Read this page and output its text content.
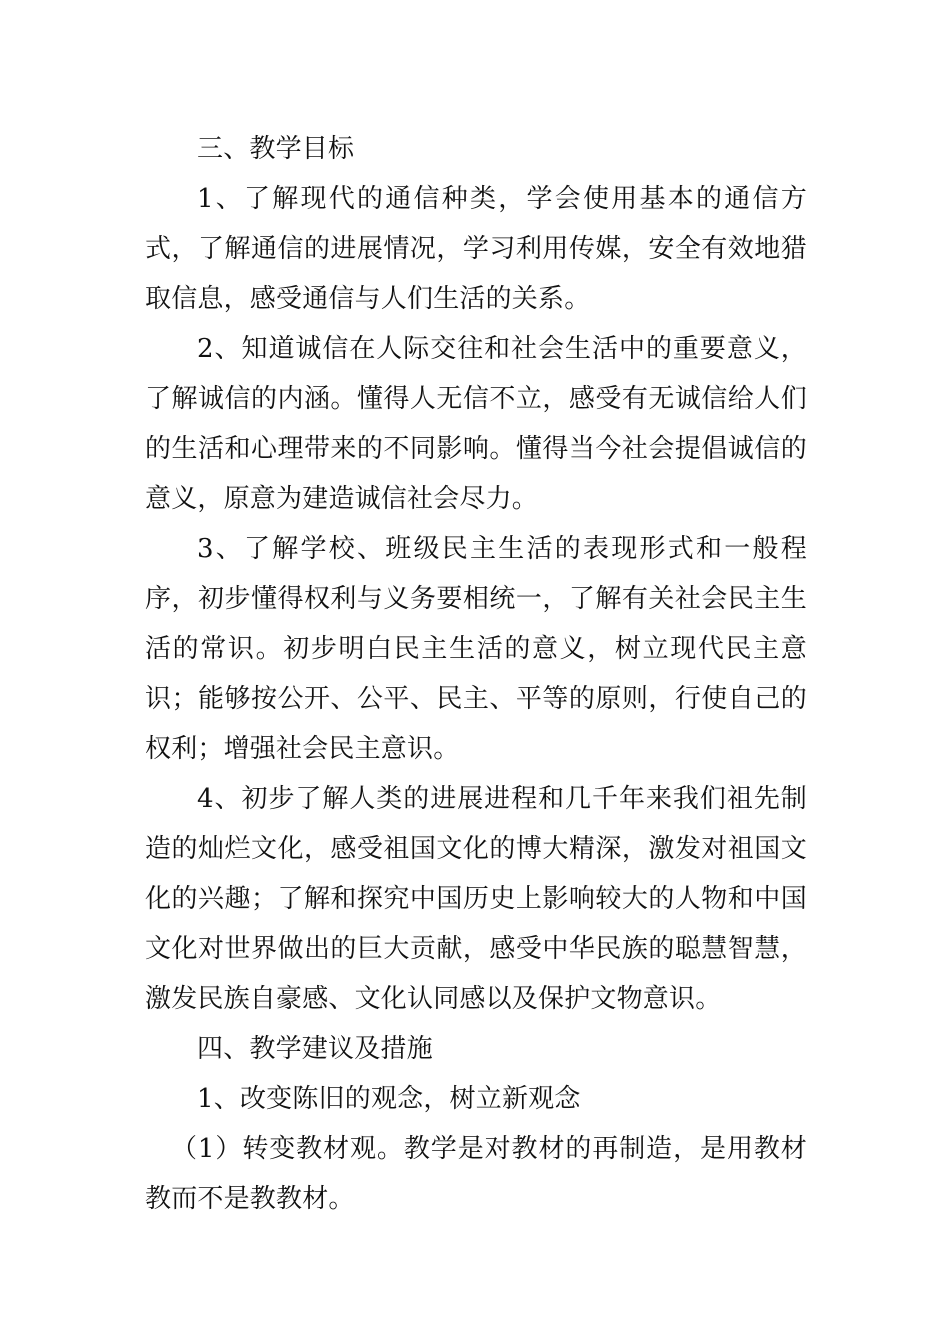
三、教学目标

1、了解现代的通信种类，学会使用基本的通信方式，了解通信的进展情况，学习利用传媒，安全有效地猎取信息，感受通信与人们生活的关系。

2、知道诚信在人际交往和社会生活中的重要意义，了解诚信的内涵。懂得人无信不立，感受有无诚信给人们的生活和心理带来的不同影响。懂得当今社会提倡诚信的意义，原意为建造诚信社会尽力。

3、了解学校、班级民主生活的表现形式和一般程序，初步懂得权利与义务要相统一，了解有关社会民主生活的常识。初步明白民主生活的意义，树立现代民主意识；能够按公开、公平、民主、平等的原则，行使自己的权利；增强社会民主意识。

4、初步了解人类的进展进程和几千年来我们祖先制造的灿烂文化，感受祖国文化的博大精深，激发对祖国文化的兴趣；了解和探究中国历史上影响较大的人物和中国文化对世界做出的巨大贡献，感受中华民族的聪慧智慧，激发民族自豪感、文化认同感以及保护文物意识。

四、教学建议及措施

1、改变陈旧的观念，树立新观念

（1）转变教材观。教学是对教材的再制造，是用教材教而不是教教材。
